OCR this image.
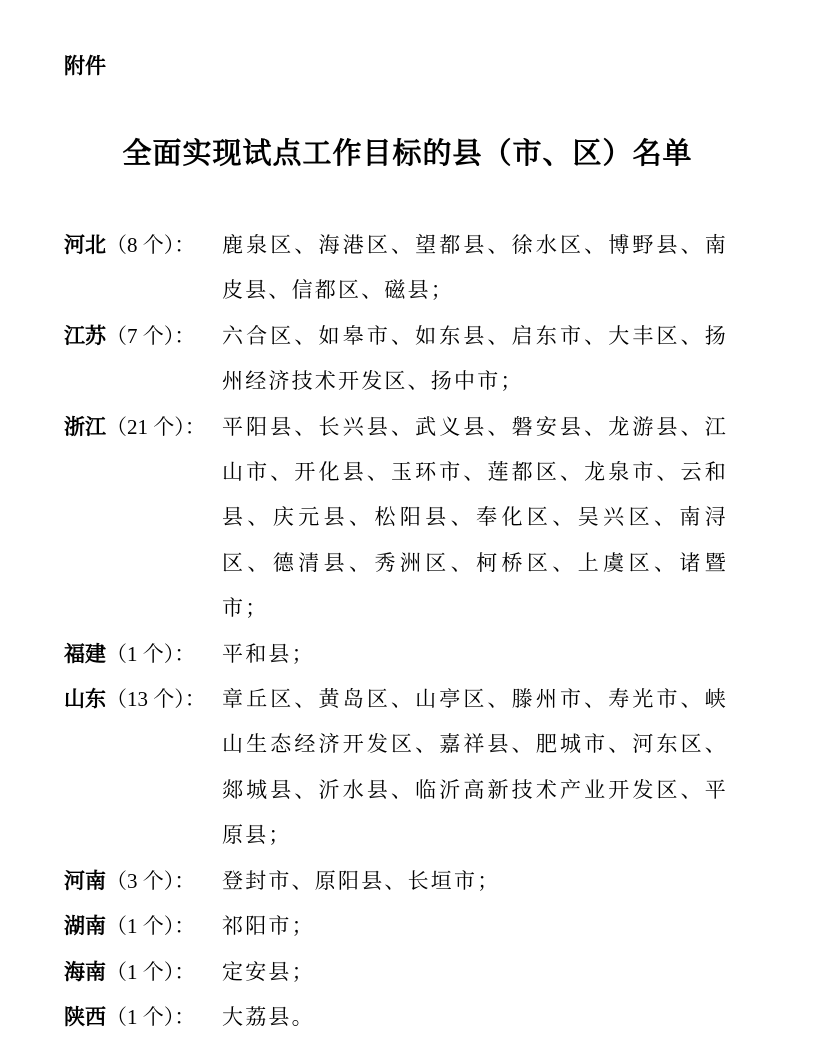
附件
全面实现试点工作目标的县（市、区）名单
河北（8 个）：	鹿泉区、海港区、望都县、徐水区、博野县、南皮县、信都区、磁县；
江苏（7 个）：	六合区、如皋市、如东县、启东市、大丰区、扬州经济技术开发区、扬中市；
浙江（21 个）： 平阳县、长兴县、武义县、磐安县、龙游县、江山市、开化县、玉环市、莲都区、龙泉市、云和县、庆元县、松阳县、奉化区、吴兴区、南浔区、德清县、秀洲区、柯桥区、上虞区、诸暨市；
福建（1 个）：	平和县；
山东（13 个）： 章丘区、黄岛区、山亭区、滕州市、寿光市、峡山生态经济开发区、嘉祥县、肥城市、河东区、郯城县、沂水县、临沂高新技术产业开发区、平原县；
河南（3 个）：	登封市、原阳县、长垣市；
湖南（1 个）：	祁阳市；
海南（1 个）：	定安县；
陕西（1 个）：	大荔县。
